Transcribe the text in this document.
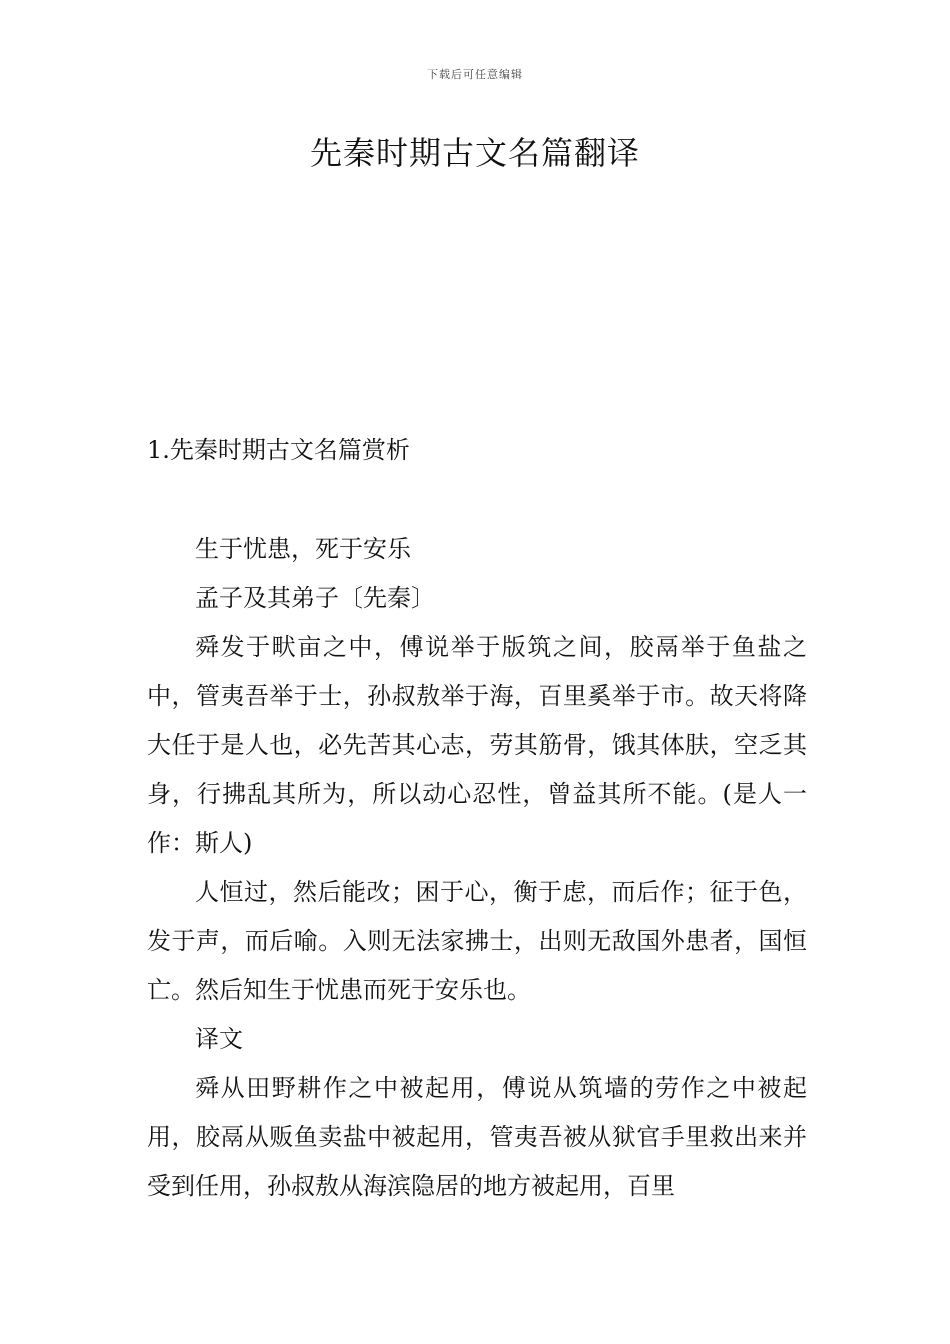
下载后可任意编辑
先秦时期古文名篇翻译
1.先秦时期古文名篇赏析

生于忧患，死于安乐

孟子及其弟子〔先秦〕

舜发于畎亩之中，傅说举于版筑之间，胶鬲举于鱼盐之中，管夷吾举于士，孙叔敖举于海，百里奚举于市。故天将降大任于是人也，必先苦其心志，劳其筋骨，饿其体肤，空乏其身，行拂乱其所为，所以动心忍性，曾益其所不能。(是人一作：斯人)

人恒过，然后能改；困于心，衡于虑，而后作；征于色，发于声，而后喻。入则无法家拂士，出则无敌国外患者，国恒亡。然后知生于忧患而死于安乐也。

译文

舜从田野耕作之中被起用，傅说从筑墙的劳作之中被起用，胶鬲从贩鱼卖盐中被起用，管夷吾被从狱官手里救出来并受到任用，孙叔敖从海滨隐居的地方被起用，百里
